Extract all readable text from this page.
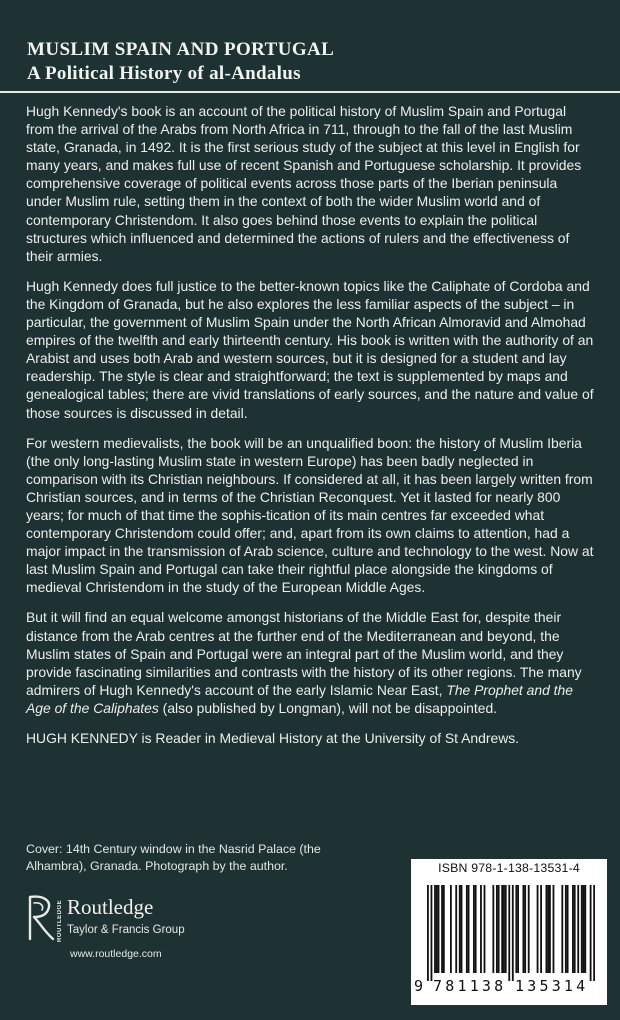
MUSLIM SPAIN AND PORTUGAL
A Political History of al-Andalus

Hugh Kennedy's book is an account of the political history of Muslim Spain and Portugal from the arrival of the Arabs from North Africa in 711, through to the fall of the last Muslim state, Granada, in 1492. It is the first serious study of the subject at this level in English for many years, and makes full use of recent Spanish and Portuguese scholarship. It provides comprehensive coverage of political events across those parts of the Iberian peninsula under Muslim rule, setting them in the context of both the wider Muslim world and of contemporary Christendom. It also goes behind those events to explain the political structures which influenced and determined the actions of rulers and the effectiveness of their armies.

Hugh Kennedy does full justice to the better-known topics like the Caliphate of Cordoba and the Kingdom of Granada, but he also explores the less familiar aspects of the subject – in particular, the government of Muslim Spain under the North African Almoravid and Almohad empires of the twelfth and early thirteenth century. His book is written with the authority of an Arabist and uses both Arab and western sources, but it is designed for a student and lay readership. The style is clear and straightforward; the text is supplemented by maps and genealogical tables; there are vivid translations of early sources, and the nature and value of those sources is discussed in detail.

For western medievalists, the book will be an unqualified boon: the history of Muslim Iberia (the only long-lasting Muslim state in western Europe) has been badly neglected in comparison with its Christian neighbours. If considered at all, it has been largely written from Christian sources, and in terms of the Christian Reconquest. Yet it lasted for nearly 800 years; for much of that time the sophis-tication of its main centres far exceeded what contemporary Christendom could offer; and, apart from its own claims to attention, had a major impact in the transmission of Arab science, culture and technology to the west. Now at last Muslim Spain and Portugal can take their rightful place alongside the kingdoms of medieval Christendom in the study of the European Middle Ages.

But it will find an equal welcome amongst historians of the Middle East for, despite their distance from the Arab centres at the further end of the Mediterranean and beyond, the Muslim states of Spain and Portugal were an integral part of the Muslim world, and they provide fascinating similarities and contrasts with the history of its other regions. The many admirers of Hugh Kennedy's account of the early Islamic Near East, The Prophet and the Age of the Caliphates (also published by Longman), will not be disappointed.

HUGH KENNEDY is Reader in Medieval History at the University of St Andrews.

Cover: 14th Century window in the Nasrid Palace (the Alhambra), Granada. Photograph by the author.
ROUTLEDGE Routledge
Taylor & Francis Group
www.routledge.com
ISBN 978-1-138-13531-4
9 781138 135314
